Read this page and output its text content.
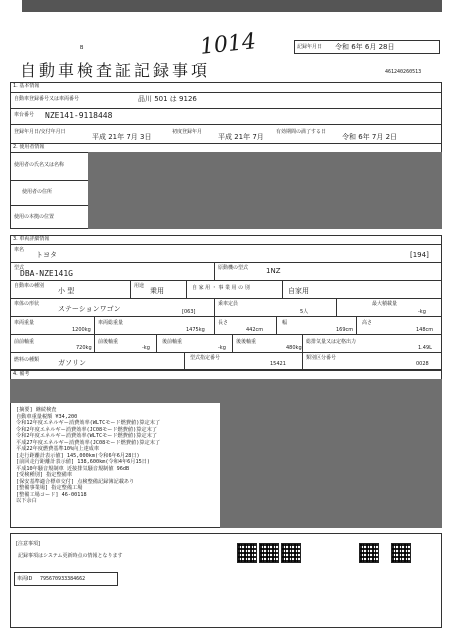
B
自動車検査証記録事項
1014	記録年月日 令和 6年 6月 28日
461240260513
1. 基本情報
自動車登録番号又は車両番号	品川 501 は 9126
車台番号 NZE141-9118448
登録年月日/交付年月日
平成 21年 7月 3日
初度登録年月
平成 21年 7月
有効期間の満了する日
令和 6年 7月 2日
2. 使用者情報
使用者の氏名又は名称
使用者の住所
使用の本拠の位置
3. 車両詳細情報
車名
トヨタ	[194]
型式
DBA-NZE141G
原動機の型式	1NZ
自動車の種別
小 型
用途
乗用	自 家 用 ・ 事 業 用 の 別	自家用
車体の形状
ステーションワゴン	[063]
乗車定員
5人
最大積載量
-kg
車両重量
1200kg
車両総重量
1475kg
長さ
442cm
幅
169cm
高さ
148cm
前前軸重
720kg
前後軸重
-kg
後前軸重
-kg
後後軸重
480kg
総排気量又は定格出力
1.49L
燃料の種類	ガソリン
型式指定番号
15421
類別区分番号
0028
4. 備考
[摘要] 継続検査
自動車重量税額 ¥34,200
令和12年度エネルギー消費効率(WLTCモード燃費値)算定末了
令和2年度エネルギー消費効率(JC08モード燃費値)算定末了
令和2年度エネルギー消費効率(WLTCモード燃費値)算定末了
平成27年度エネルギー消費効率(JC08モード燃費値)算定末了
平成22年度燃費基準10%向上達成車
[走行距離計表示値] 145,000km(令和6年6月28日)
[前回走行距離計表示値] 138,600km(令和4年6月15日)
平成10年騒音規制車 近接排気騒音規制値 96dB
[受検種別] 指定整備車
[保安基準適合標章交付] 点検整備記録簿記載あり
[整備事業場] 指定整備工場
[整備工場コード] 46-00118
以下余白
[注意事項]
記録事項はシステム更新時点の情報となります
車両ID 795670933384662
